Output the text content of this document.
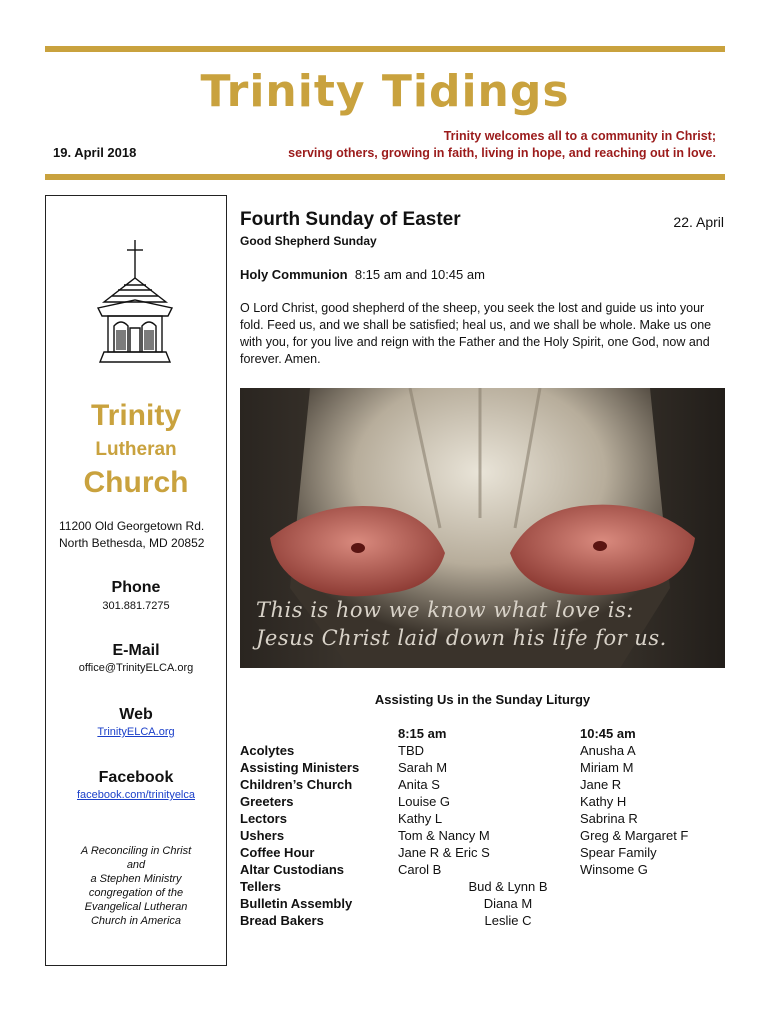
Trinity Tidings
19. April 2018
Trinity welcomes all to a community in Christ;
serving others, growing in faith, living in hope, and reaching out in love.
Trinity
Lutheran
Church
11200 Old Georgetown Rd.
North Bethesda, MD 20852
Phone
301.881.7275
E-Mail
office@TrinityELCA.org
Web
TrinityELCA.org
Facebook
facebook.com/trinityelca
A Reconciling in Christ
and
a Stephen Ministry
congregation of the
Evangelical Lutheran
Church in America
Fourth Sunday of Easter	22. April
Good Shepherd Sunday
Holy Communion 8:15 am and 10:45 am
O Lord Christ, good shepherd of the sheep, you seek the lost and guide us into your fold. Feed us, and we shall be satisfied; heal us, and we shall be whole. Make us one with you, for you live and reign with the Father and the Holy Spirit, one God, now and forever. Amen.
This is how we know what love is:
Jesus Christ laid down his life for us.
Assisting Us in the Sunday Liturgy
8:15 am	10:45 am
Acolytes
Assisting Ministers
Children’s Church
Greeters
Lectors
Ushers
Coffee Hour
Altar Custodians
Tellers
Bulletin Assembly
Bread Bakers
TBD
Sarah M
Anita S
Louise G
Kathy L
Tom & Nancy M
Jane R & Eric S
Carol B
Anusha A
Miriam M
Jane R
Kathy H
Sabrina R
Greg & Margaret F
Spear Family
Winsome G
Bud & Lynn B
Diana M
Leslie C
